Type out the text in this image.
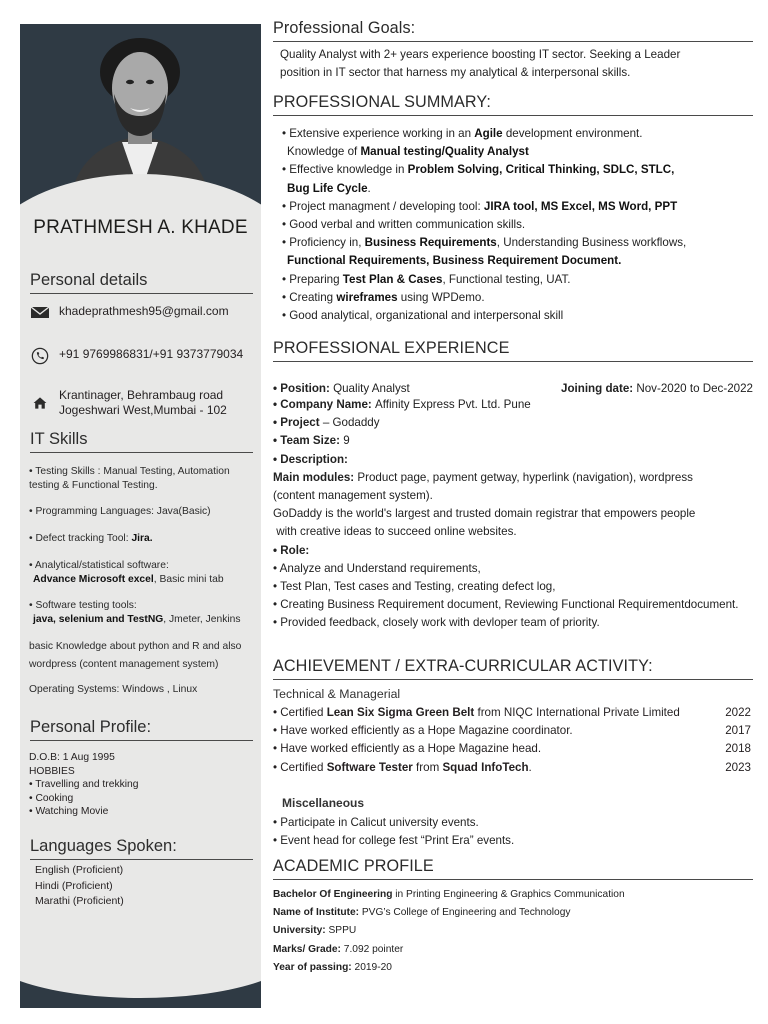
PRATHMESH A. KHADE
Personal details
khadeprathmesh95@gmail.com
+91 9769986831/+91 9373779034
Krantinager, Behrambaug road
Jogeshwari West,Mumbai - 102
IT Skills
• Testing Skills : Manual Testing, Automation
testing & Functional Testing.
• Programming Languages: Java(Basic)
• Defect tracking Tool: Jira.
• Analytical/statistical software:
Advance Microsoft excel, Basic mini tab
• Software testing tools:
java, selenium and TestNG, Jmeter, Jenkins
basic Knowledge about python and R and also
wordpress (content management system)
Operating Systems: Windows , Linux
Personal Profile:
D.O.B: 1 Aug 1995
HOBBIES
• Travelling and trekking
• Cooking
• Watching Movie
Languages Spoken:
English (Proficient)
Hindi (Proficient)
Marathi (Proficient)
Professional Goals:
Quality Analyst with 2+ years experience boosting IT sector. Seeking a Leader
position in IT sector that harness my analytical & interpersonal skills.
PROFESSIONAL SUMMARY:
• Extensive experience working in an Agile development environment.
Knowledge of Manual testing/Quality Analyst
• Effective knowledge in Problem Solving, Critical Thinking, SDLC, STLC,
Bug Life Cycle.
• Project managment / developing tool: JIRA tool, MS Excel, MS Word, PPT
• Good verbal and written communication skills.
• Proficiency in, Business Requirements, Understanding Business workflows,
Functional Requirements, Business Requirement Document.
• Preparing Test Plan & Cases, Functional testing, UAT.
• Creating wireframes using WPDemo.
• Good analytical, organizational and interpersonal skill
PROFESSIONAL EXPERIENCE
• Position: Quality Analyst	Joining date: Nov-2020 to Dec-2022
• Company Name: Affinity Express Pvt. Ltd. Pune
• Project – Godaddy
• Team Size: 9
• Description:
Main modules: Product page, payment getway, hyperlink (navigation), wordpress
(content management system).
GoDaddy is the world's largest and trusted domain registrar that empowers people
with creative ideas to succeed online websites.
• Role:
• Analyze and Understand requirements,
• Test Plan, Test cases and Testing, creating defect log,
• Creating Business Requirement document, Reviewing Functional Requirementdocument.
• Provided feedback, closely work with devloper team of priority.
ACHIEVEMENT / EXTRA-CURRICULAR ACTIVITY:
Technical & Managerial
• Certified Lean Six Sigma Green Belt from NIQC International Private Limited	2022
• Have worked efficiently as a Hope Magazine coordinator.	2017
• Have worked efficiently as a Hope Magazine head.	2018
• Certified Software Tester from Squad InfoTech.	2023
Miscellaneous
• Participate in Calicut university events.
• Event head for college fest “Print Era” events.
ACADEMIC PROFILE
Bachelor Of Engineering in Printing Engineering & Graphics Communication
Name of Institute: PVG’s College of Engineering and Technology
University: SPPU
Marks/ Grade: 7.092 pointer
Year of passing: 2019-20
